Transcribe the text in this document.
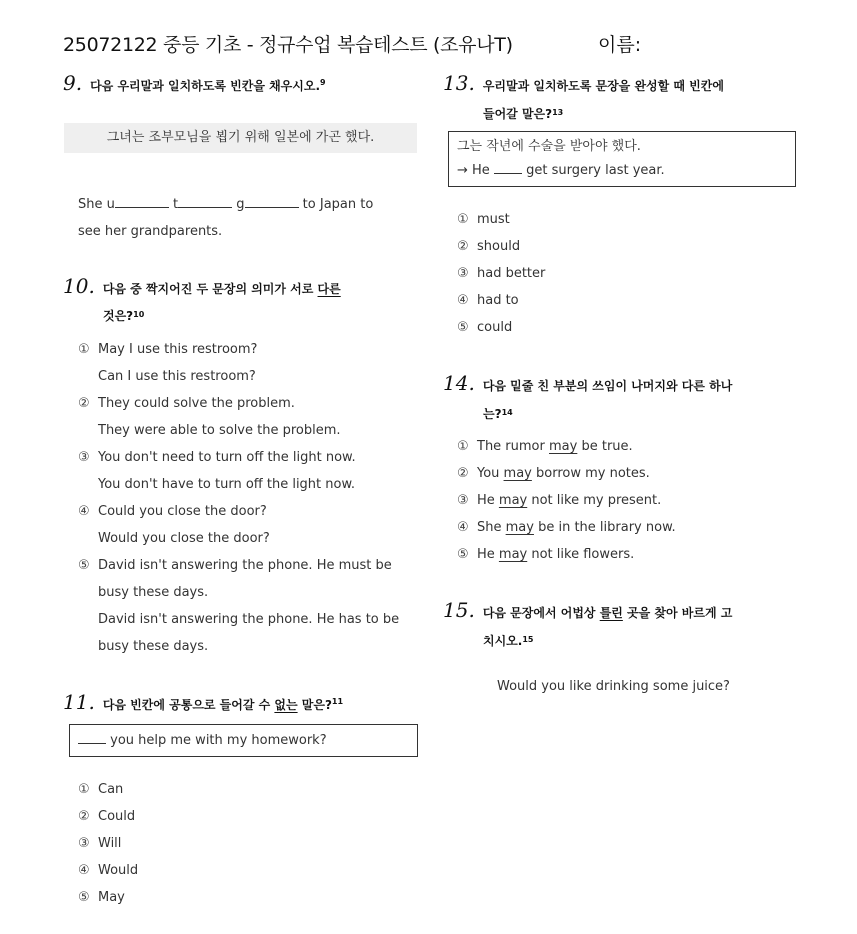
25072122 중등 기초 - 정규수업 복습테스트 (조유나T)	이름:
9. 다음 우리말과 일치하도록 빈칸을 채우시오.$^9$
그녀는 조부모님을 뵙기 위해 일본에 가곤 했다.
She u	t	g	to Japan to
see her grandparents.
10. 다음 중 짝지어진 두 문장의 의미가 서로 다른
것은?$^{10}$
① May I use this restroom?
Can I use this restroom?
② They could solve the problem.
They were able to solve the problem.
③ You don't need to turn off the light now.
You don't have to turn off the light now.
④ Could you close the door?
Would you close the door?
⑤ David isn't answering the phone. He must be
busy these days.
David isn't answering the phone. He has to be
busy these days.
11. 다음 빈칸에 공통으로 들어갈 수 없는 말은?$^{11}$
you help me with my homework?
① Can
② Could
③ Will
④ Would
⑤ May
13. 우리말과 일치하도록 문장을 완성할 때 빈칸에
들어갈 말은?$^{13}$
그는 작년에 수술을 받아야 했다.
→ He	get surgery last year.
① must
② should
③ had better
④ had to
⑤ could
14. 다음 밑줄 친 부분의 쓰임이 나머지와 다른 하나
는?$^{14}$
① The rumor may be true.
② You may borrow my notes.
③ He may not like my present.
④ She may be in the library now.
⑤ He may not like flowers.
15. 다음 문장에서 어법상 틀린 곳을 찾아 바르게 고
치시오.$^{15}$
Would you like drinking some juice?
